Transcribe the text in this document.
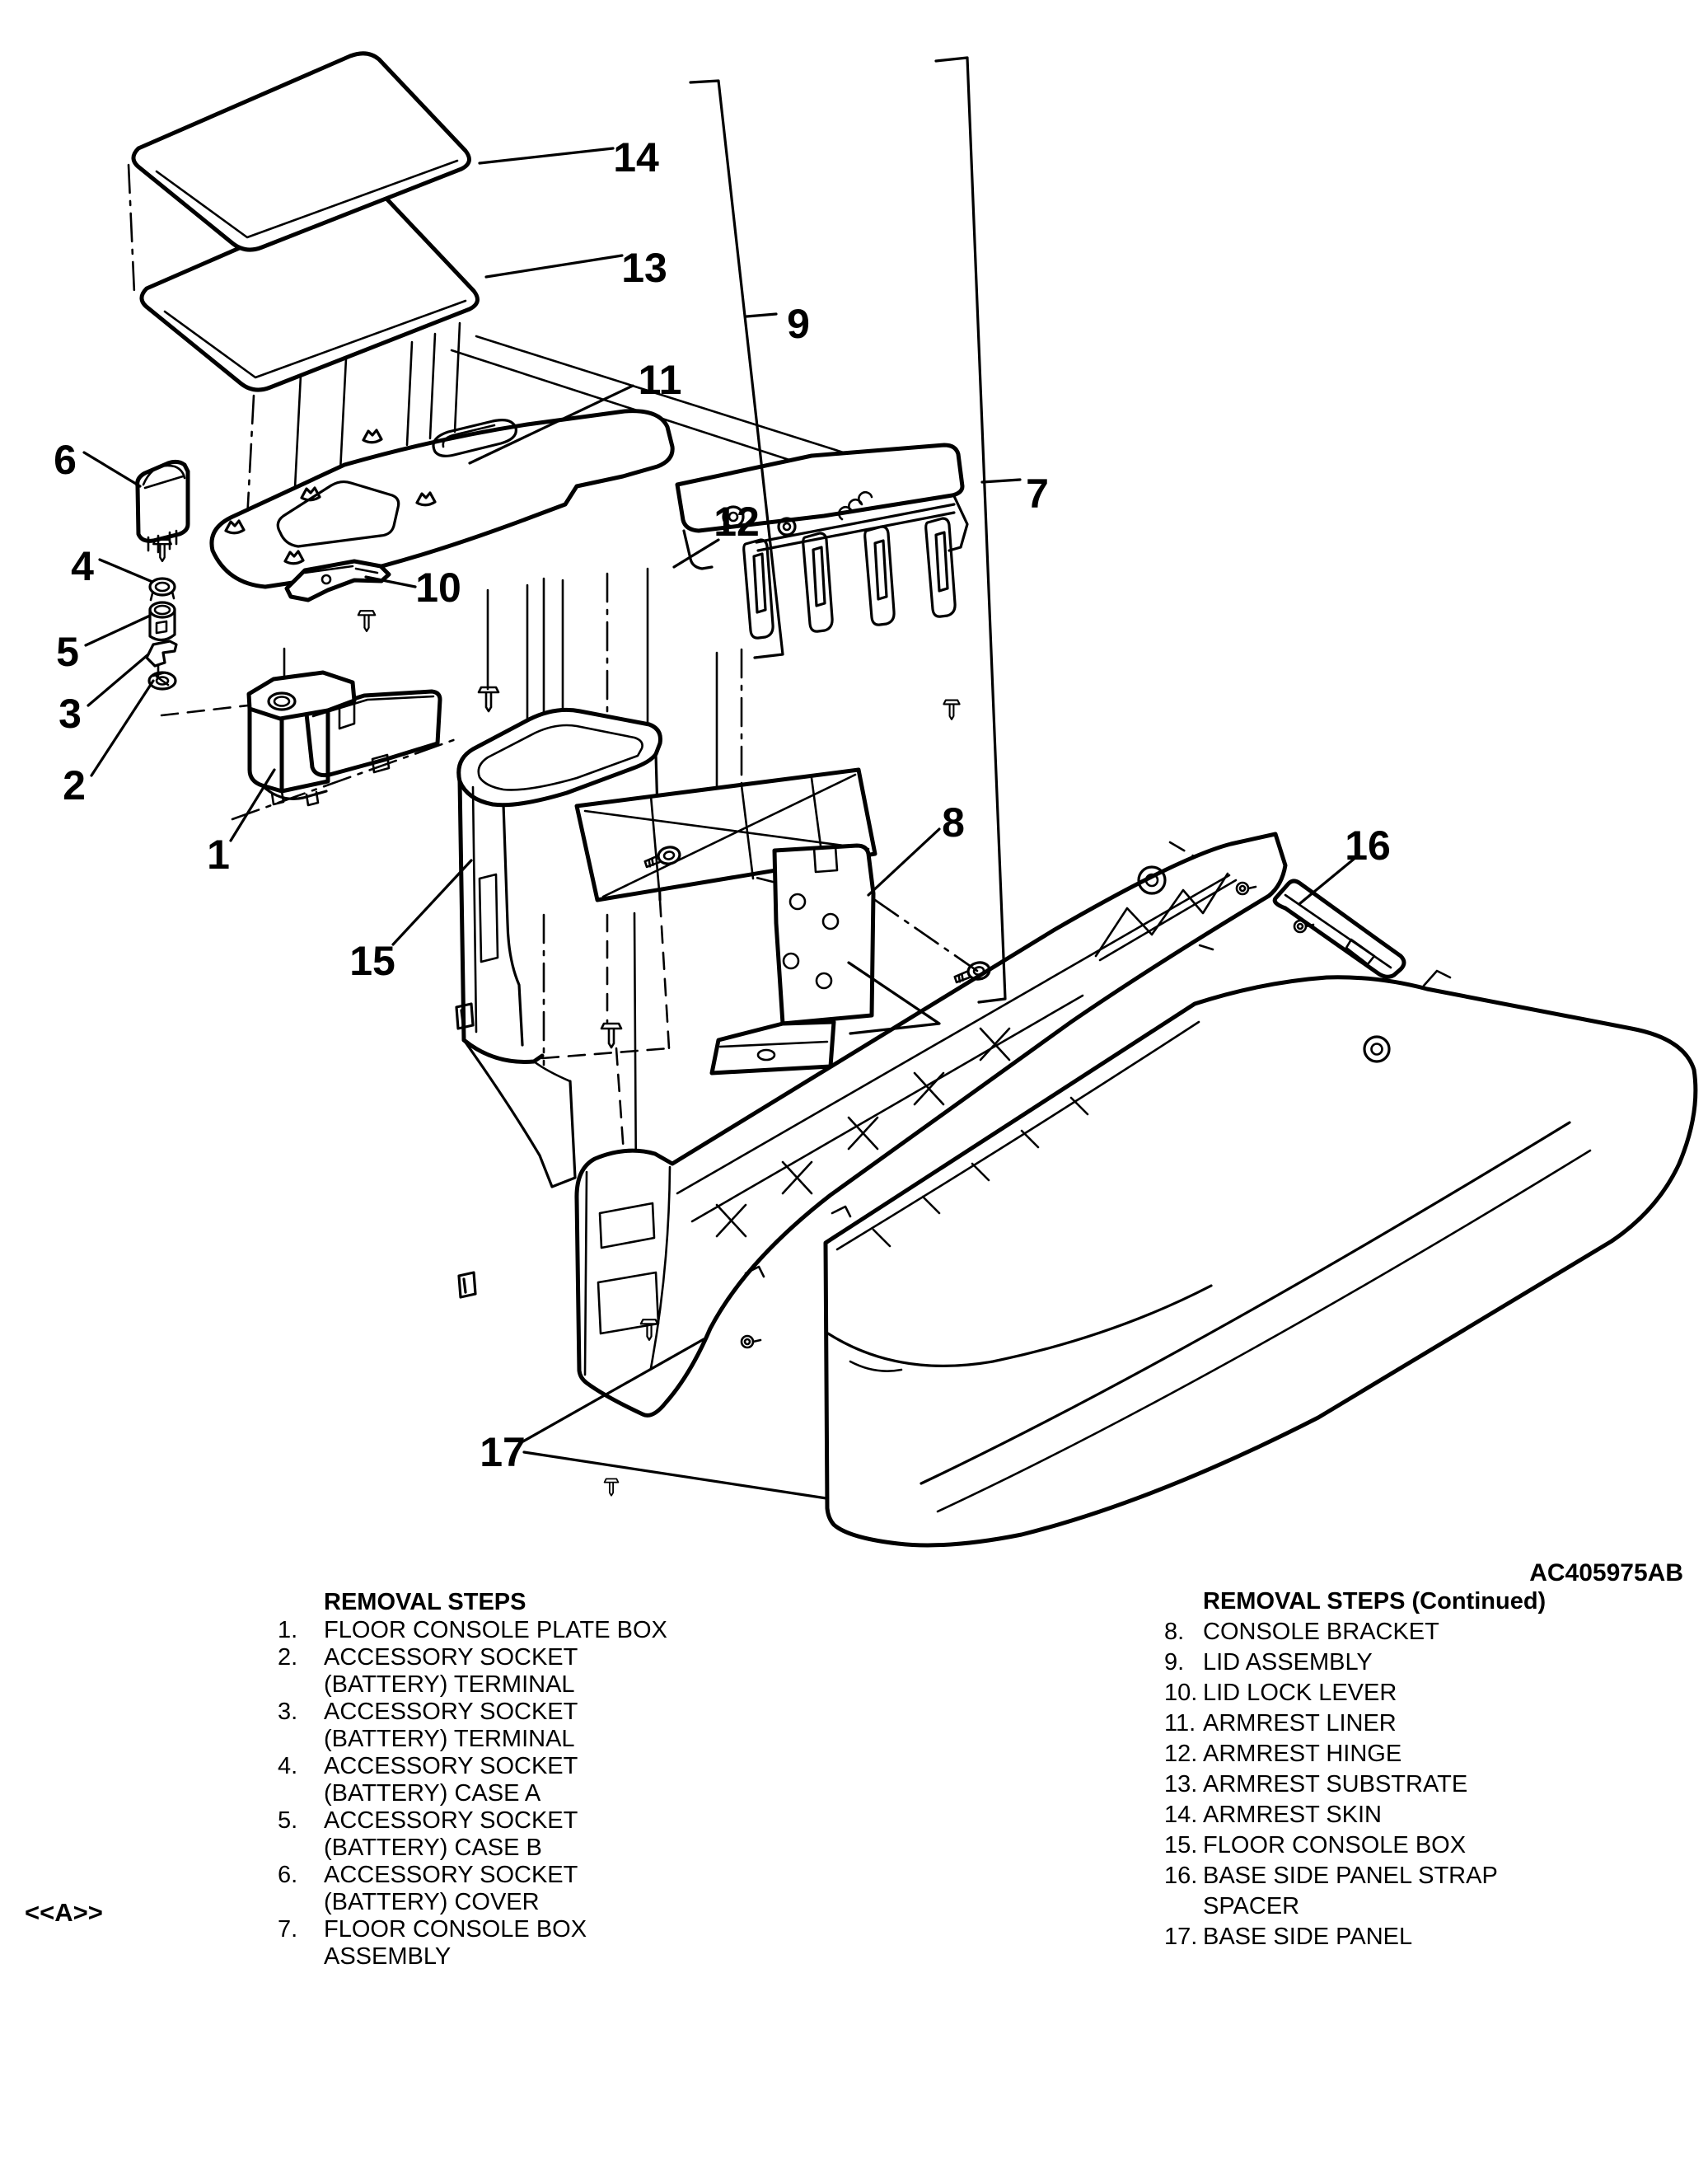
1
2
3
4
5
6
7
8
9
10
11
12
13
14
15
16
17
AC405975AB
<<A>>
REMOVAL STEPS
1.	FLOOR CONSOLE PLATE BOX
2.	ACCESSORY SOCKET
(BATTERY) TERMINAL
3.	ACCESSORY SOCKET
(BATTERY) TERMINAL
4.	ACCESSORY SOCKET
(BATTERY) CASE A
5.	ACCESSORY SOCKET
(BATTERY) CASE B
6.	ACCESSORY SOCKET
(BATTERY) COVER
7.	FLOOR CONSOLE BOX
ASSEMBLY
REMOVAL STEPS (Continued)
8. CONSOLE BRACKET
9. LID ASSEMBLY
10. LID LOCK LEVER
11. ARMREST LINER
12. ARMREST HINGE
13. ARMREST SUBSTRATE
14. ARMREST SKIN
15. FLOOR CONSOLE BOX
16. BASE SIDE PANEL STRAP
SPACER
17. BASE SIDE PANEL
